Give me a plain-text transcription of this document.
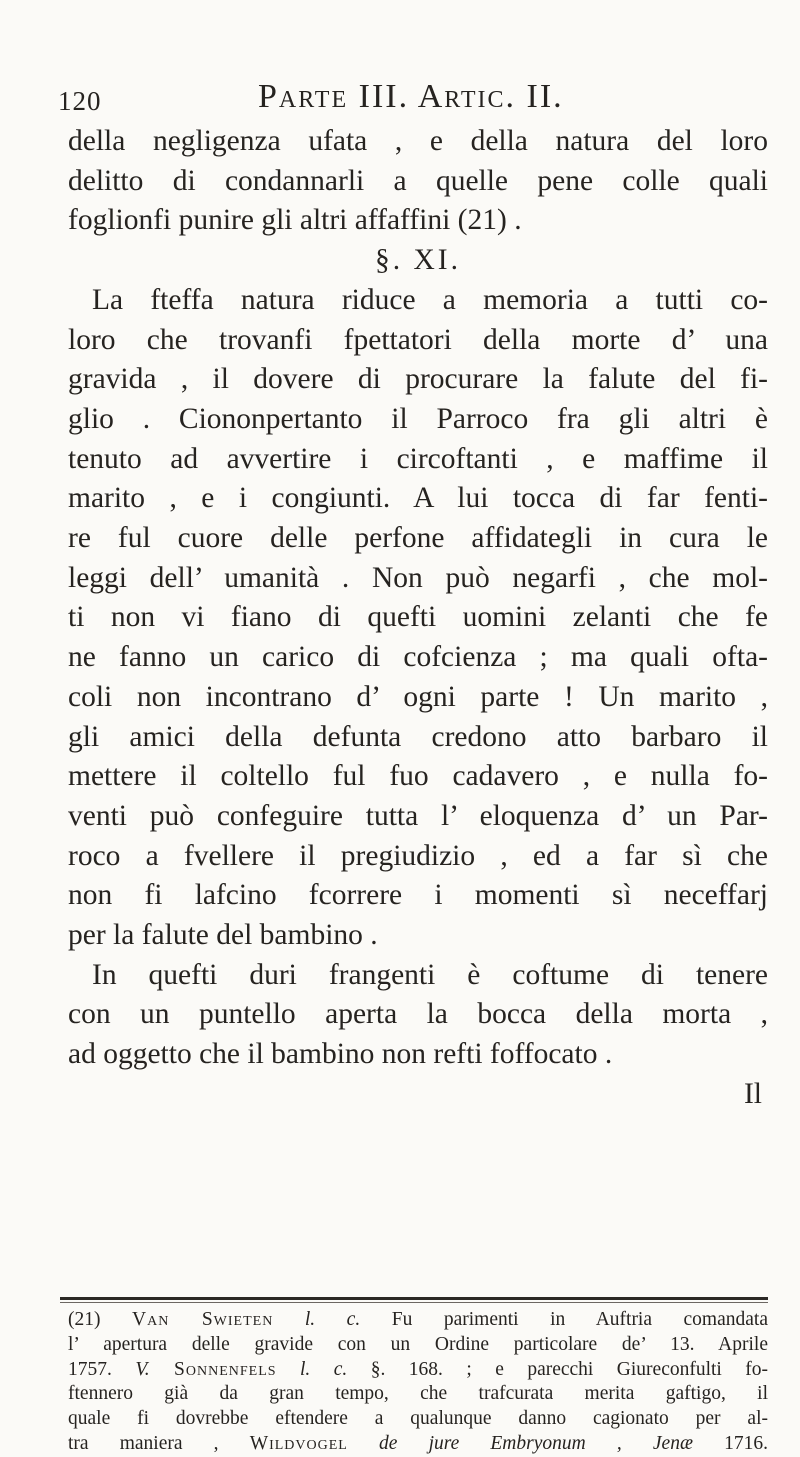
120	Parte III. Artic. II.
della negligenza ufata , e della natura del loro
delitto di condannarli a quelle pene colle quali
foglionfi punire gli altri affaffini (21) .
§. XI.
La fteffa natura riduce a memoria a tutti co-
loro che trovanfi fpettatori della morte d’ una
gravida , il dovere di procurare la falute del fi-
glio . Ciononpertanto il Parroco fra gli altri è
tenuto ad avvertire i circoftanti , e maffime il
marito , e i congiunti. A lui tocca di far fenti-
re ful cuore delle perfone affidategli in cura le
leggi dell’ umanità . Non può negarfi , che mol-
ti non vi fiano di quefti uomini zelanti che fe
ne fanno un carico di cofcienza ; ma quali ofta-
coli non incontrano d’ ogni parte ! Un marito ,
gli amici della defunta credono atto barbaro il
mettere il coltello ful fuo cadavero , e nulla fo-
venti può confeguire tutta l’ eloquenza d’ un Par-
roco a fvellere il pregiudizio , ed a far sì che
non fi lafcino fcorrere i momenti sì neceffarj
per la falute del bambino .
In quefti duri frangenti è coftume di tenere
con un puntello aperta la bocca della morta ,
ad oggetto che il bambino non refti foffocato .
Il
(21) Van Swieten l. c. Fu parimenti in Auftria comandata
l’ apertura delle gravide con un Ordine particolare de’ 13. Aprile
1757. V. Sonnenfels l. c. §. 168. ; e parecchi Giureconfulti fo-
ftennero già da gran tempo, che trafcurata merita gaftigo, il
quale fi dovrebbe eftendere a qualunque danno cagionato per al-
tra maniera , Wildvogel de jure Embryonum , Jenæ 1716.
